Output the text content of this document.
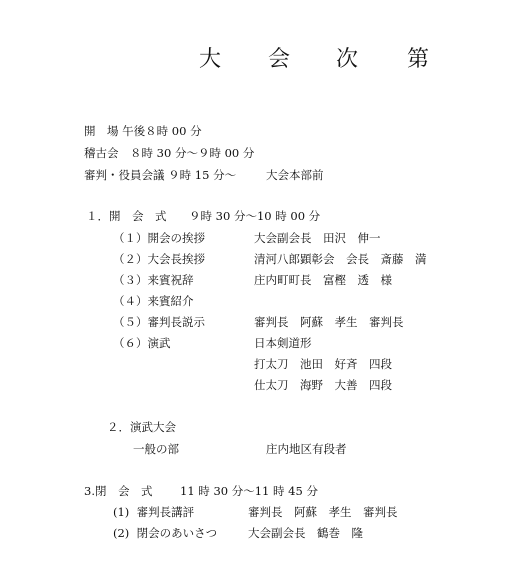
大 会 次 第
開　場 午後８時 00 分
稽古会　８時 30 分～９時 00 分
審判・役員会議 ９時 15 分～	大会本部前
１．開　会　式 ９時 30 分～10 時 00 分
（１）開会の挨拶	大会副会長　田沢　伸一
（２）大会長挨拶	清河八郎顕彰会　会長　斎藤　満
（３）来賓祝辞	庄内町町長　富樫　透　様
（４）来賓紹介
（５）審判長説示	審判長　阿蘇　孝生　審判長
（６）演武	日本剣道形
打太刀　池田　好斉　四段
仕太刀　海野　大善　四段
２．演武大会
一般の部	庄内地区有段者
3.閉　会　式 11 時 30 分～11 時 45 分
(1)  審判長講評	審判長　阿蘇　孝生　審判長
(2)  閉会のあいさつ	大会副会長　鶴巻　隆
